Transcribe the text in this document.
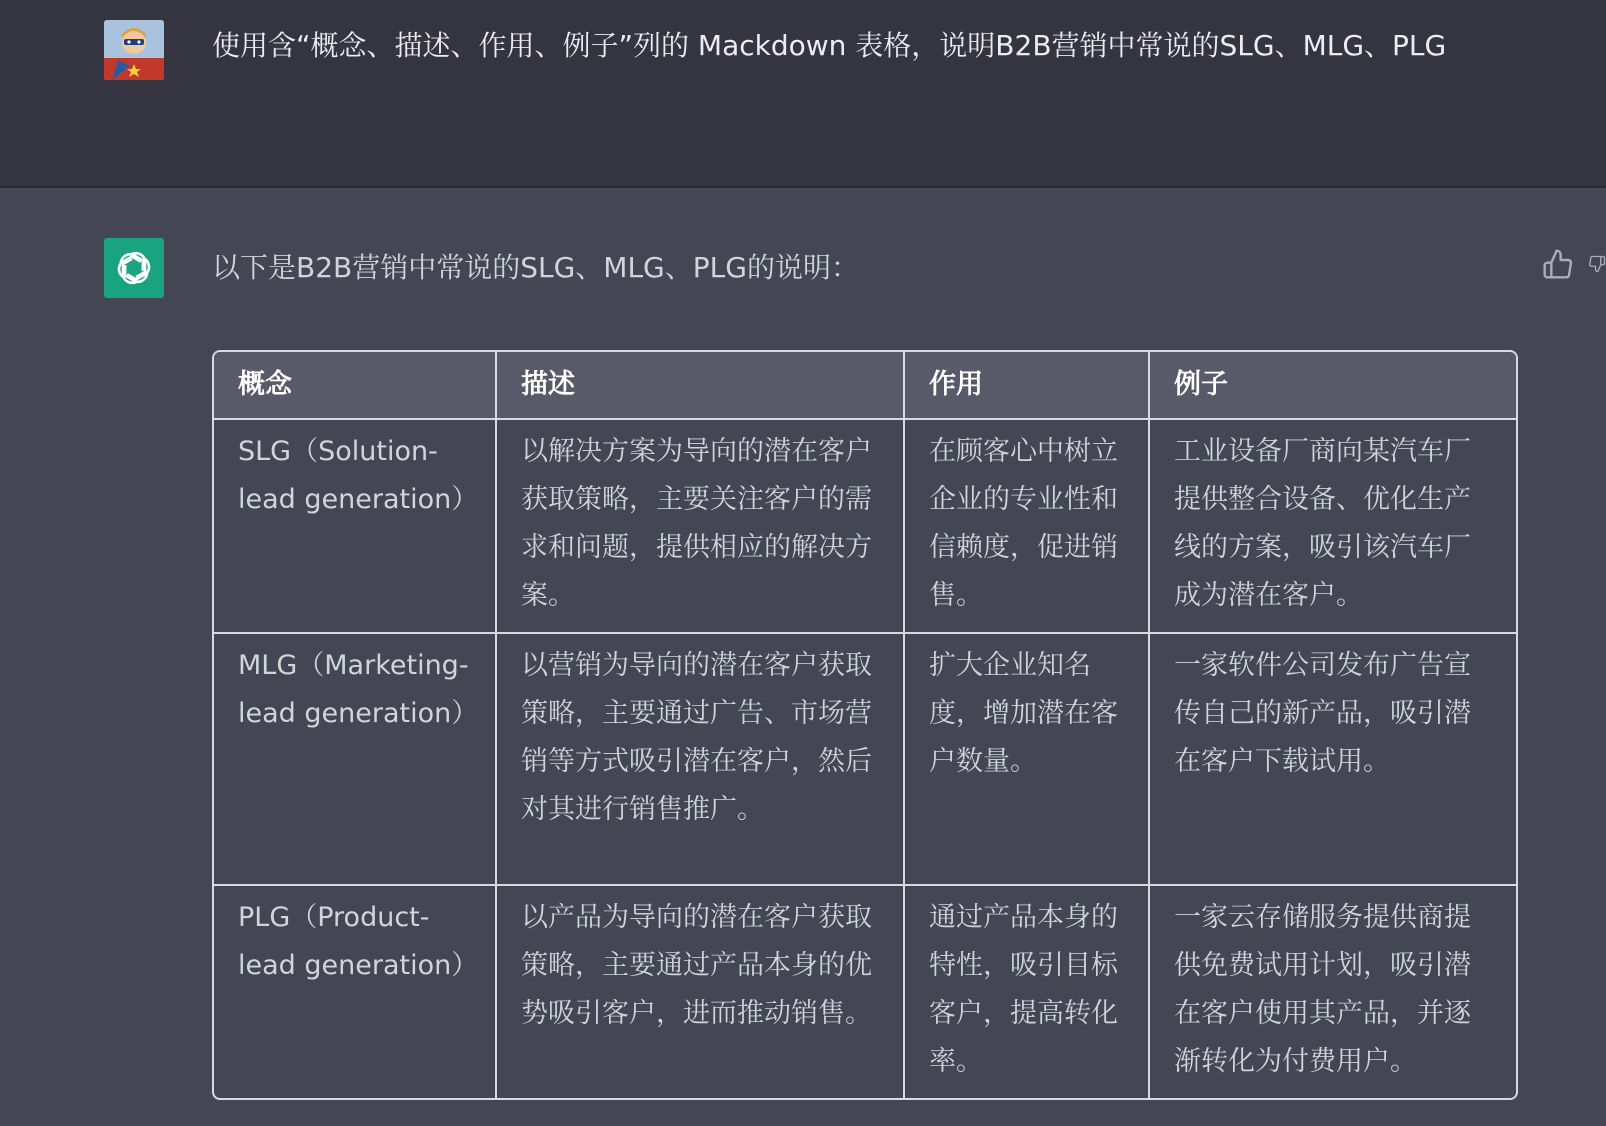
使用含“概念、描述、作用、例子”列的 Mackdown 表格，说明B2B营销中常说的SLG、MLG、PLG
以下是B2B营销中常说的SLG、MLG、PLG的说明：
概念	描述	作用	例子
SLG（Solution-lead generation）	以解决方案为导向的潜在客户获取策略，主要关注客户的需求和问题，提供相应的解决方案。	在顾客心中树立企业的专业性和信赖度，促进销售。	工业设备厂商向某汽车厂提供整合设备、优化生产线的方案，吸引该汽车厂成为潜在客户。
MLG（Marketing-lead generation）	以营销为导向的潜在客户获取策略，主要通过广告、市场营销等方式吸引潜在客户，然后对其进行销售推广。	扩大企业知名度，增加潜在客户数量。	一家软件公司发布广告宣传自己的新产品，吸引潜在客户下载试用。
PLG（Product-lead generation）	以产品为导向的潜在客户获取策略，主要通过产品本身的优势吸引客户，进而推动销售。	通过产品本身的特性，吸引目标客户，提高转化率。	一家云存储服务提供商提供免费试用计划，吸引潜在客户使用其产品，并逐渐转化为付费用户。
